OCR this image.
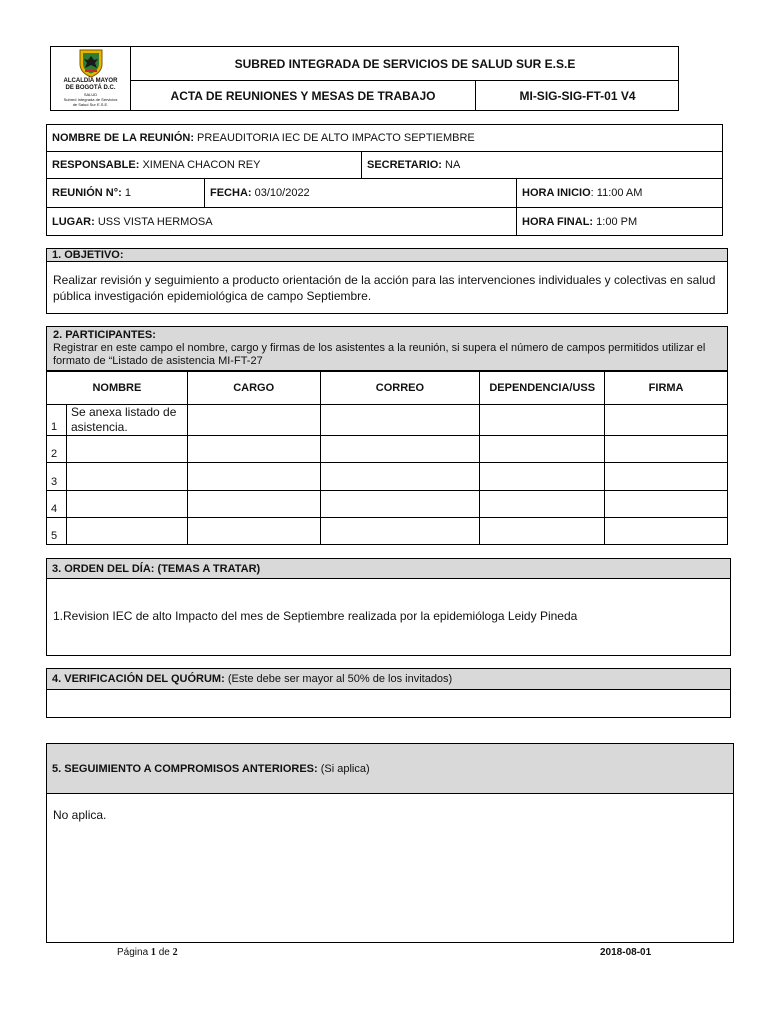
ALCALDÍA MAYOR
DE BOGOTÁ D.C.
SALUD
Subred Integrada de Servicios
de Salud Sur E.S.E.
SUBRED INTEGRADA DE SERVICIOS DE SALUD SUR E.S.E
ACTA DE REUNIONES Y MESAS DE TRABAJO	MI-SIG-SIG-FT-01 V4
NOMBRE DE LA REUNIÓN:
PREAUDITORIA IEC DE ALTO IMPACTO SEPTIEMBRE
RESPONSABLE:
XIMENA CHACON REY	SECRETARIO:
NA
REUNIÓN N°:
1	FECHA:
03/10/2022	HORA INICIO : 11:00 AM
LUGAR:
USS VISTA HERMOSA	HORA FINAL:
1:00 PM
1. OBJETIVO:
Realizar revisión y seguimiento a producto orientación de la acción para las intervenciones individuales y colectivas en salud pública investigación epidemiológica de campo Septiembre.
2. PARTICIPANTES:
Registrar en este campo el nombre, cargo y firmas de los asistentes a la reunión, si supera el número de campos permitidos utilizar el formato de “Listado de asistencia MI-FT-27
NOMBRE		CARGO	CORREO	DEPENDENCIA/USS	FIRMA
1	Se anexa listado de asistencia.				
2					
3					
4					
5					
3. ORDEN DEL DÍA: (TEMAS A TRATAR)
1.Revision IEC de alto Impacto del mes de Septiembre realizada por la epidemióloga Leidy Pineda
4. VERIFICACIÓN DEL QUÓRUM:
(Este debe ser mayor al 50% de los invitados)
5. SEGUIMIENTO A COMPROMISOS ANTERIORES:
(Si aplica)
No aplica.
Página 1 de 2	2018-08-01
